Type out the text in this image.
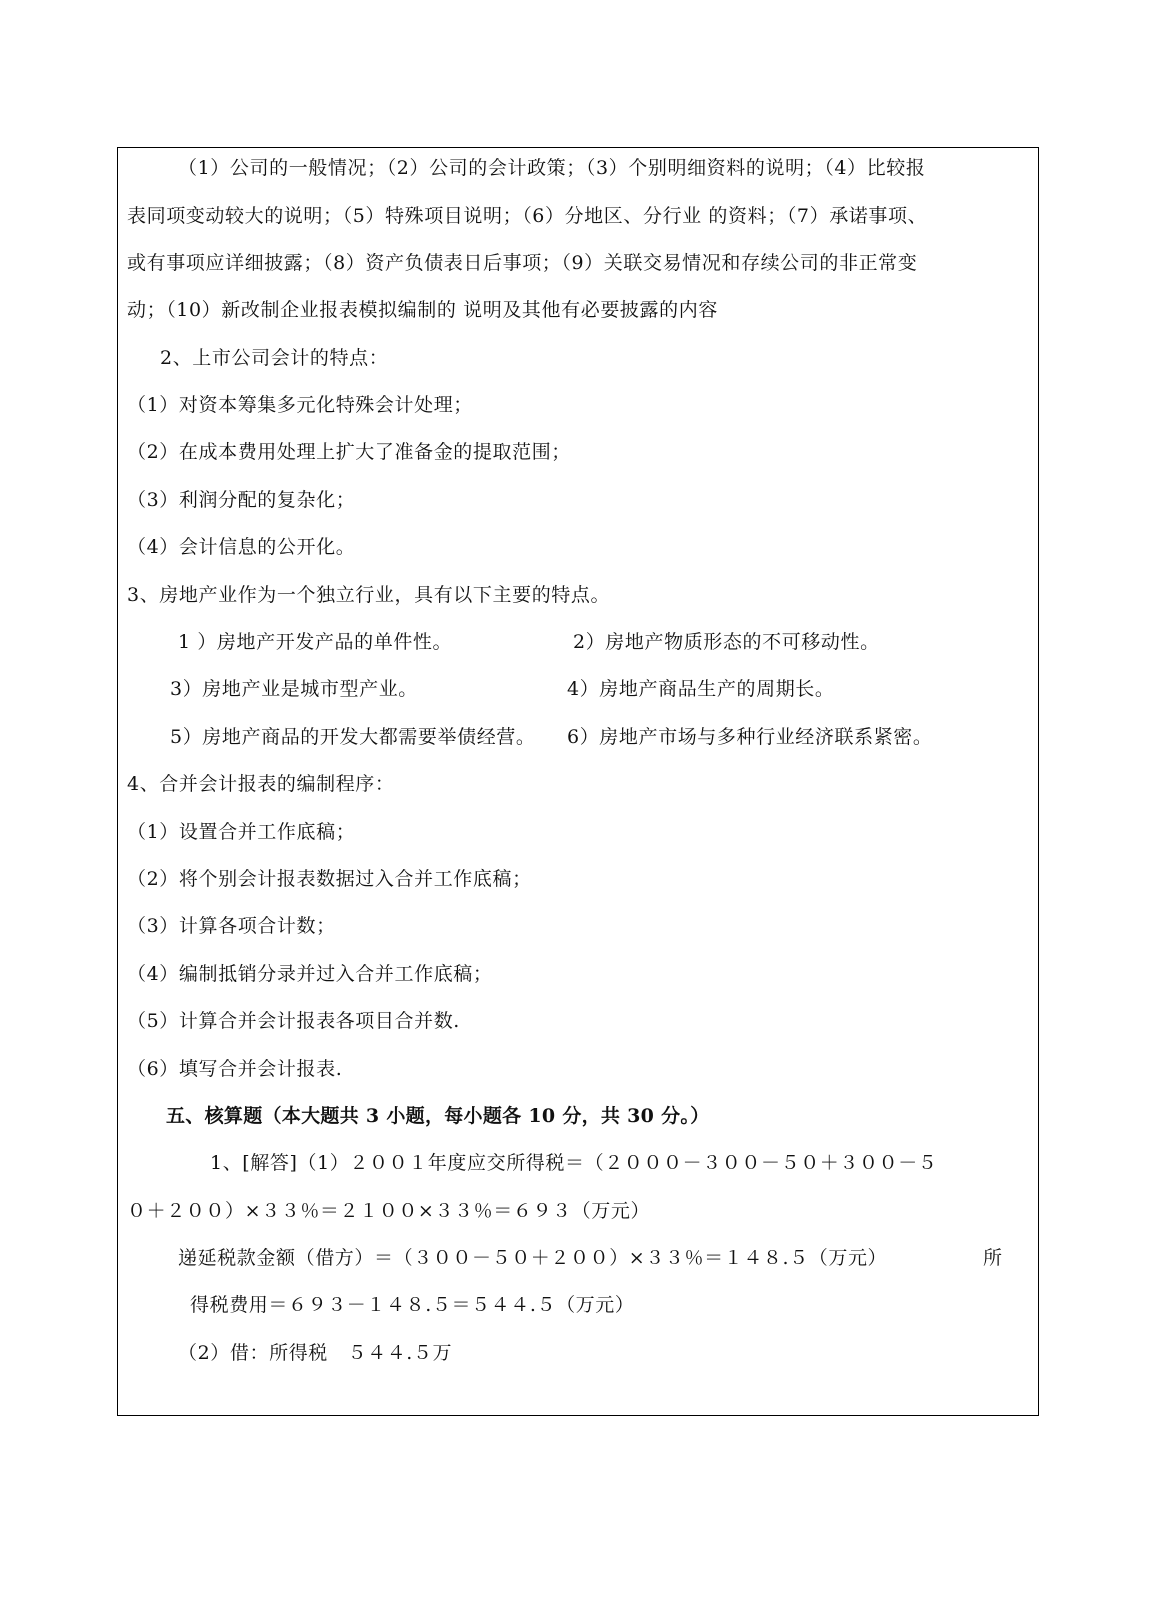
（1）公司的一般情况；（2）公司的会计政策；（3）个别明细资料的说明；（4）比较报
表同项变动较大的说明；（5）特殊项目说明；（6）分地区、分行业 的资料；（7）承诺事项、
或有事项应详细披露；（8）资产负债表日后事项；（9）关联交易情况和存续公司的非正常变
动；（10）新改制企业报表模拟编制的 说明及其他有必要披露的内容
2、上市公司会计的特点：
（1）对资本筹集多元化特殊会计处理；
（2）在成本费用处理上扩大了准备金的提取范围；
（3）利润分配的复杂化；
（4）会计信息的公开化。
3、房地产业作为一个独立行业，具有以下主要的特点。
1 ）房地产开发产品的单件性。	2）房地产物质形态的不可移动性。
3）房地产业是城市型产业。	4）房地产商品生产的周期长。
5）房地产商品的开发大都需要举债经营。 6）房地产市场与多种行业经济联系紧密。
4、合并会计报表的编制程序：
（1）设置合并工作底稿；
（2）将个别会计报表数据过入合并工作底稿；
（3）计算各项合计数；
（4）编制抵销分录并过入合并工作底稿；
（5）计算合并会计报表各项目合并数.
（6）填写合并会计报表.
五、核算题（本大题共 3 小题，每小题各 10 分，共 30 分。）
1、[解答]（1）２００１年度应交所得税＝（２０００－３００－５０＋３００－５
０＋２００）×３３％＝２１００×３３％＝６９３（万元）
递延税款金额（借方）＝（３００－５０＋２００）×３３％＝１４８.５（万元）	所
得税费用＝６９３－１４８.５＝５４４.５（万元）
（2）借：所得税　５４４.５万
